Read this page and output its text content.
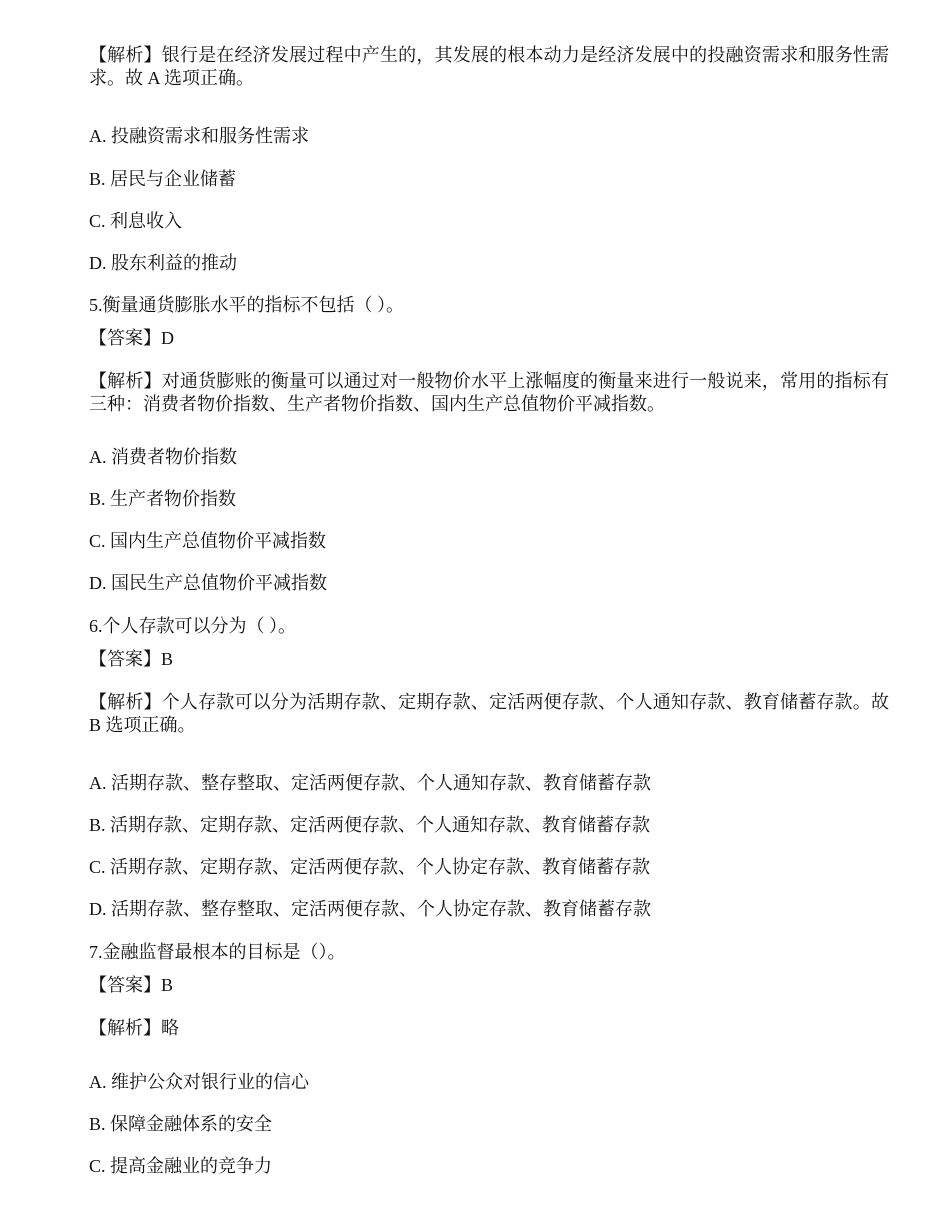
【解析】银行是在经济发展过程中产生的，其发展的根本动力是经济发展中的投融资需求和服务性需求。故 A 选项正确。
A. 投融资需求和服务性需求
B. 居民与企业储蓄
C. 利息收入
D. 股东利益的推动
5.衡量通货膨胀水平的指标不包括（ ）。
【答案】D
【解析】对通货膨账的衡量可以通过对一般物价水平上涨幅度的衡量来进行一般说来，常用的指标有三种：消费者物价指数、生产者物价指数、国内生产总值物价平减指数。
A. 消费者物价指数
B. 生产者物价指数
C. 国内生产总值物价平减指数
D. 国民生产总值物价平减指数
6.个人存款可以分为（ ）。
【答案】B
【解析】个人存款可以分为活期存款、定期存款、定活两便存款、个人通知存款、教育储蓄存款。故 B 选项正确。
A. 活期存款、整存整取、定活两便存款、个人通知存款、教育储蓄存款
B. 活期存款、定期存款、定活两便存款、个人通知存款、教育储蓄存款
C. 活期存款、定期存款、定活两便存款、个人协定存款、教育储蓄存款
D. 活期存款、整存整取、定活两便存款、个人协定存款、教育储蓄存款
7.金融监督最根本的目标是（）。
【答案】B
【解析】略
A. 维护公众对银行业的信心
B. 保障金融体系的安全
C. 提高金融业的竞争力
